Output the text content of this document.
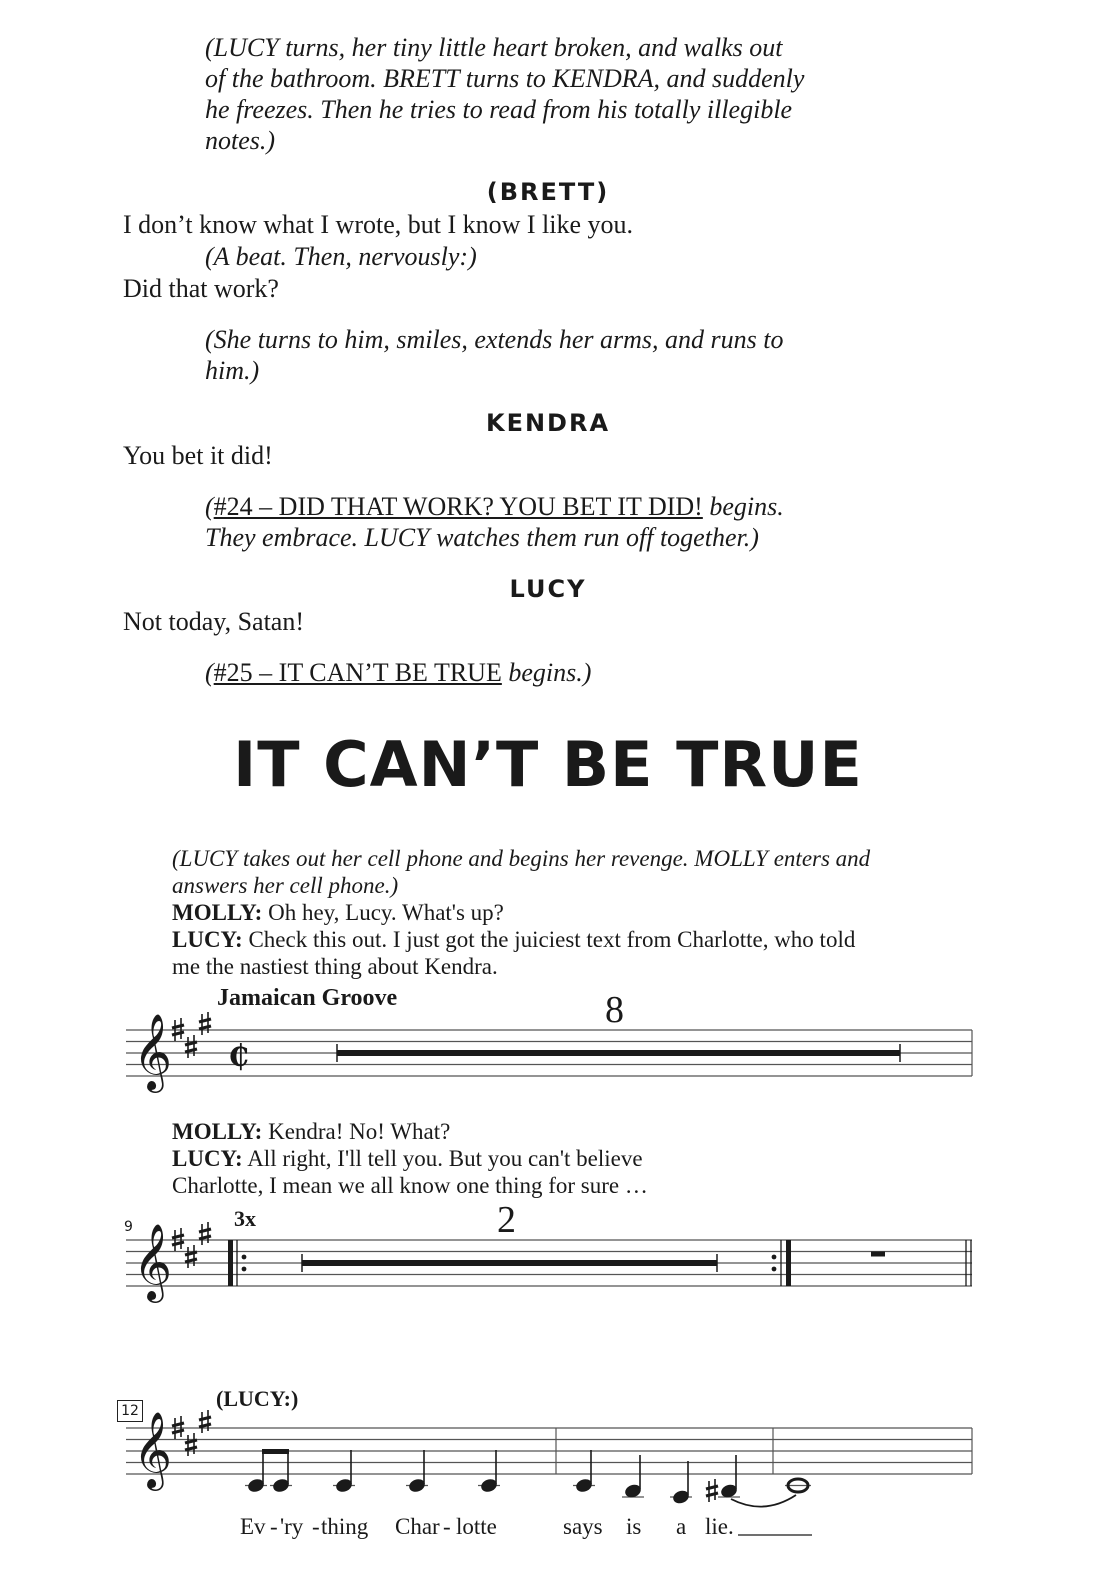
(LUCY turns, her tiny little heart broken, and walks out
of the bathroom. BRETT turns to KENDRA, and suddenly
he freezes. Then he tries to read from his totally illegible
notes.)
(BRETT)
I don’t know what I wrote, but I know I like you.
(A beat. Then, nervously:)
Did that work?
(She turns to him, smiles, extends her arms, and runs to
him.)
KENDRA
You bet it did!
(#24 – DID THAT WORK? YOU BET IT DID! begins.
They embrace. LUCY watches them run off together.)
LUCY
Not today, Satan!
(#25 – IT CAN’T BE TRUE begins.)
IT CAN’T BE TRUE
(LUCY takes out her cell phone and begins her revenge. MOLLY enters and
answers her cell phone.)
MOLLY: Oh hey, Lucy. What's up?
LUCY: Check this out. I just got the juiciest text from Charlotte, who told
me the nastiest thing about Kendra.
Jamaican Groove	8
MOLLY: Kendra! No! What?
LUCY: All right, I'll tell you. But you can't believe
Charlotte, I mean we all know one thing for sure …
9	3x	2
12	(LUCY:)
𝄞 ₵
𝄞
𝄞
Ev - 'ry - thing Char - lotte	says is a lie.
